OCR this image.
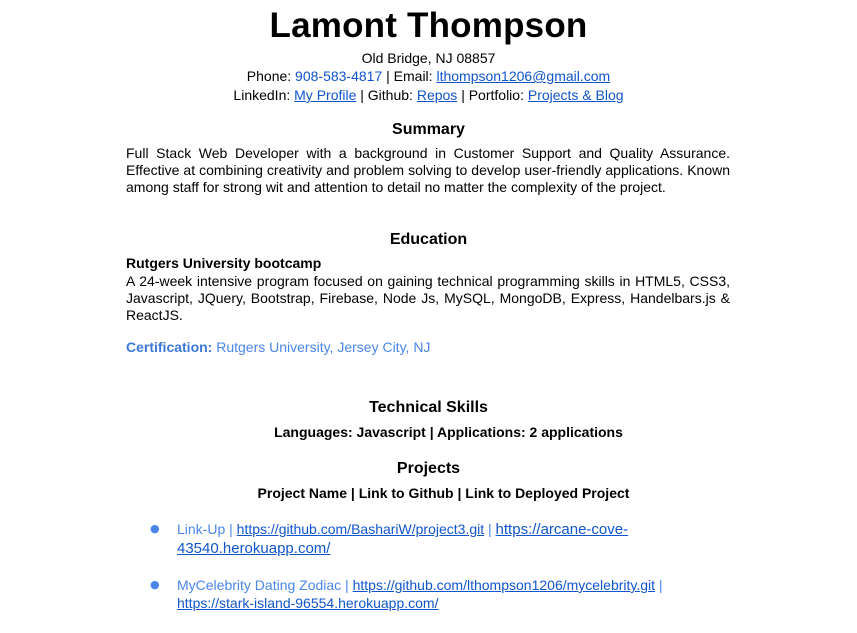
Lamont Thompson
Old Bridge, NJ 08857
Phone: 908-583-4817 | Email: lthompson1206@gmail.com
LinkedIn: My Profile | Github: Repos | Portfolio: Projects & Blog
Summary
Full Stack Web Developer with a background in Customer Support and Quality Assurance. Effective at combining creativity and problem solving to develop user-friendly applications. Known among staff for strong wit and attention to detail no matter the complexity of the project.
Education
Rutgers University bootcamp
A 24-week intensive program focused on gaining technical programming skills in HTML5, CSS3, Javascript, JQuery, Bootstrap, Firebase, Node Js, MySQL, MongoDB, Express, Handelbars.js & ReactJS.
Certification: Rutgers University, Jersey City, NJ
Technical Skills
Languages: Javascript | Applications: 2 applications
Projects
Project Name | Link to Github | Link to Deployed Project
● Link-Up | https://github.com/BashariW/project3.git | https://arcane-cove-43540.herokuapp.com/
● MyCelebrity Dating Zodiac | https://github.com/lthompson1206/mycelebrity.git | https://stark-island-96554.herokuapp.com/
